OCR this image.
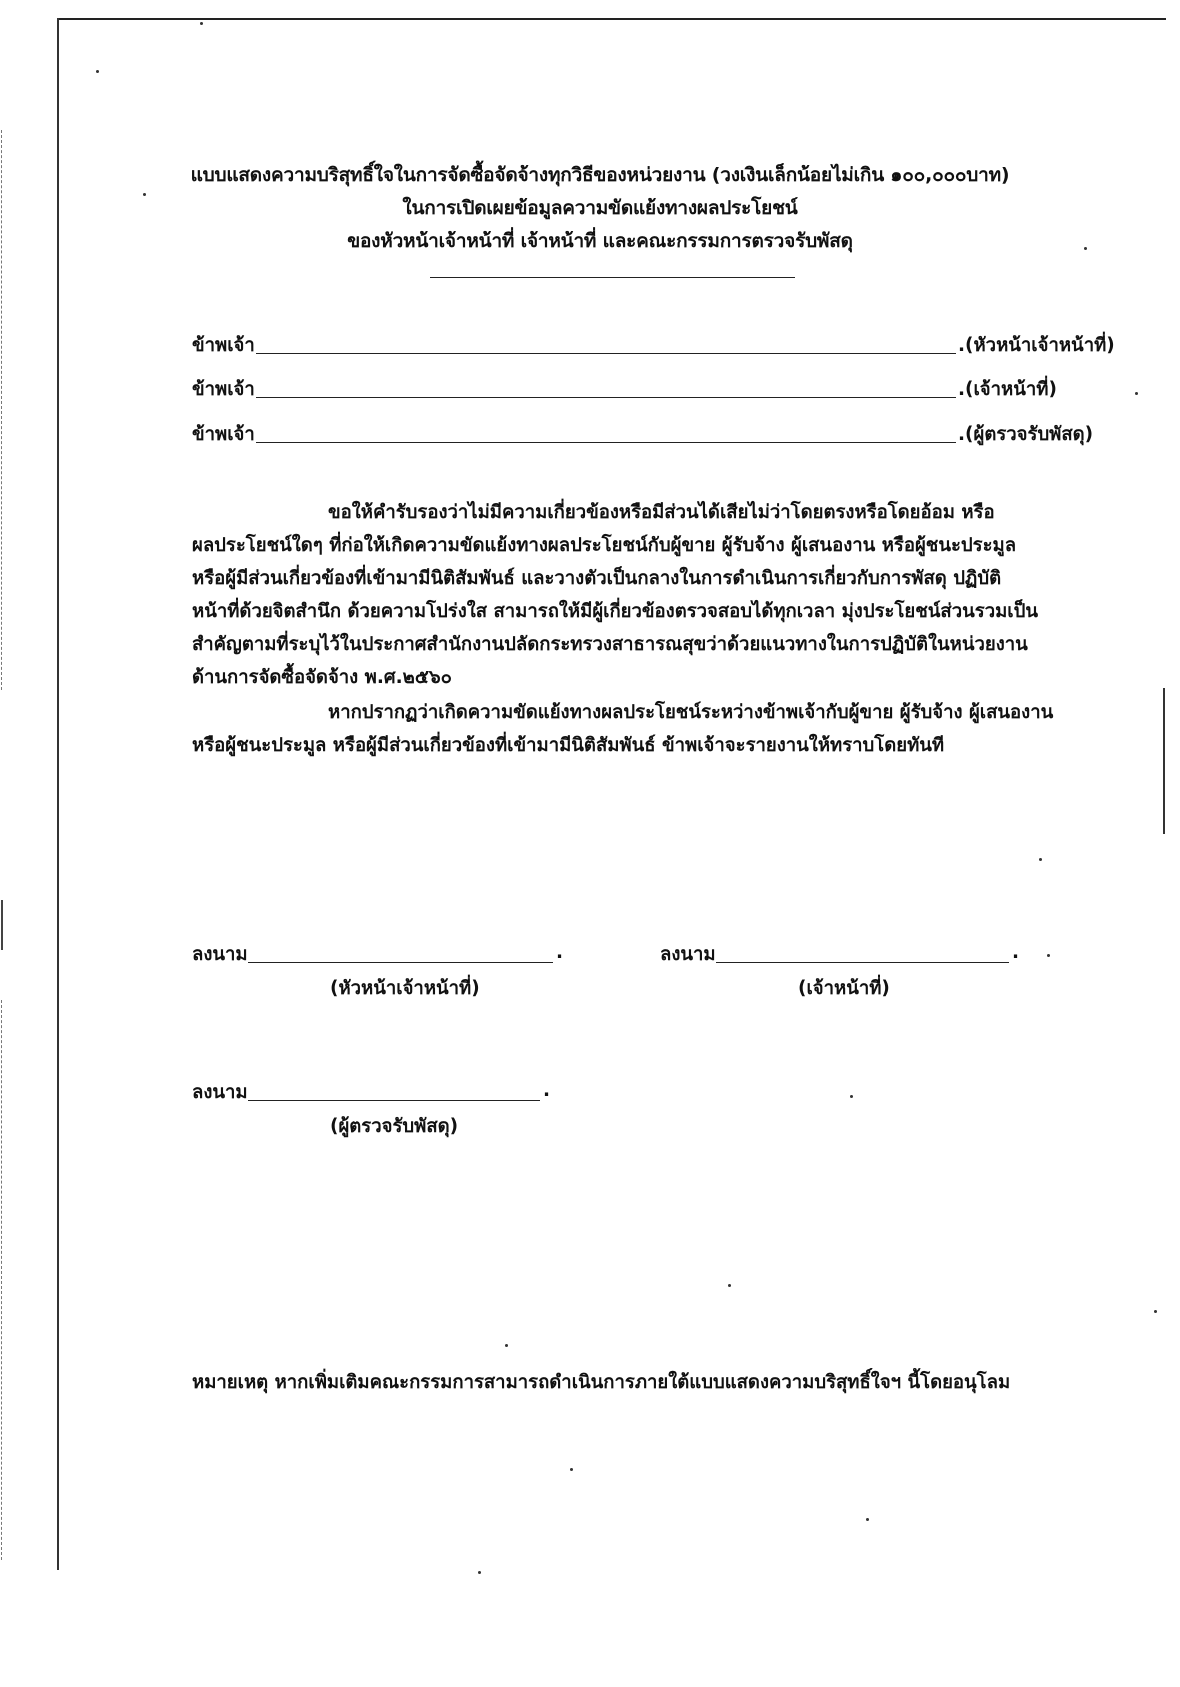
แบบแสดงความบริสุทธิ์ใจในการจัดซื้อจัดจ้างทุกวิธีของหน่วยงาน (วงเงินเล็กน้อยไม่เกิน ๑๐๐,๐๐๐บาท)
ในการเปิดเผยข้อมูลความขัดแย้งทางผลประโยชน์
ของหัวหน้าเจ้าหน้าที่ เจ้าหน้าที่ และคณะกรรมการตรวจรับพัสดุ
ข้าพเจ้า	.(หัวหน้าเจ้าหน้าที่)
ข้าพเจ้า	.(เจ้าหน้าที่)
ข้าพเจ้า	.(ผู้ตรวจรับพัสดุ)
ขอให้คำรับรองว่าไม่มีความเกี่ยวข้องหรือมีส่วนได้เสียไม่ว่าโดยตรงหรือโดยอ้อม หรือ
ผลประโยชน์ใดๆ ที่ก่อให้เกิดความขัดแย้งทางผลประโยชน์กับผู้ขาย ผู้รับจ้าง ผู้เสนองาน หรือผู้ชนะประมูล
หรือผู้มีส่วนเกี่ยวข้องที่เข้ามามีนิติสัมพันธ์ และวางตัวเป็นกลางในการดำเนินการเกี่ยวกับการพัสดุ ปฏิบัติ
หน้าที่ด้วยจิตสำนึก ด้วยความโปร่งใส สามารถให้มีผู้เกี่ยวข้องตรวจสอบได้ทุกเวลา มุ่งประโยชน์ส่วนรวมเป็น
สำคัญตามที่ระบุไว้ในประกาศสำนักงานปลัดกระทรวงสาธารณสุขว่าด้วยแนวทางในการปฏิบัติในหน่วยงาน
ด้านการจัดซื้อจัดจ้าง พ.ศ.๒๕๖๐
หากปรากฏว่าเกิดความขัดแย้งทางผลประโยชน์ระหว่างข้าพเจ้ากับผู้ขาย ผู้รับจ้าง ผู้เสนองาน
หรือผู้ชนะประมูล หรือผู้มีส่วนเกี่ยวข้องที่เข้ามามีนิติสัมพันธ์ ข้าพเจ้าจะรายงานให้ทราบโดยทันที
ลงนาม	.
(หัวหน้าเจ้าหน้าที่)
ลงนาม	.
(เจ้าหน้าที่)
ลงนาม	.
(ผู้ตรวจรับพัสดุ)
หมายเหตุ หากเพิ่มเติมคณะกรรมการสามารถดำเนินการภายใต้แบบแสดงความบริสุทธิ์ใจฯ นี้โดยอนุโลม
